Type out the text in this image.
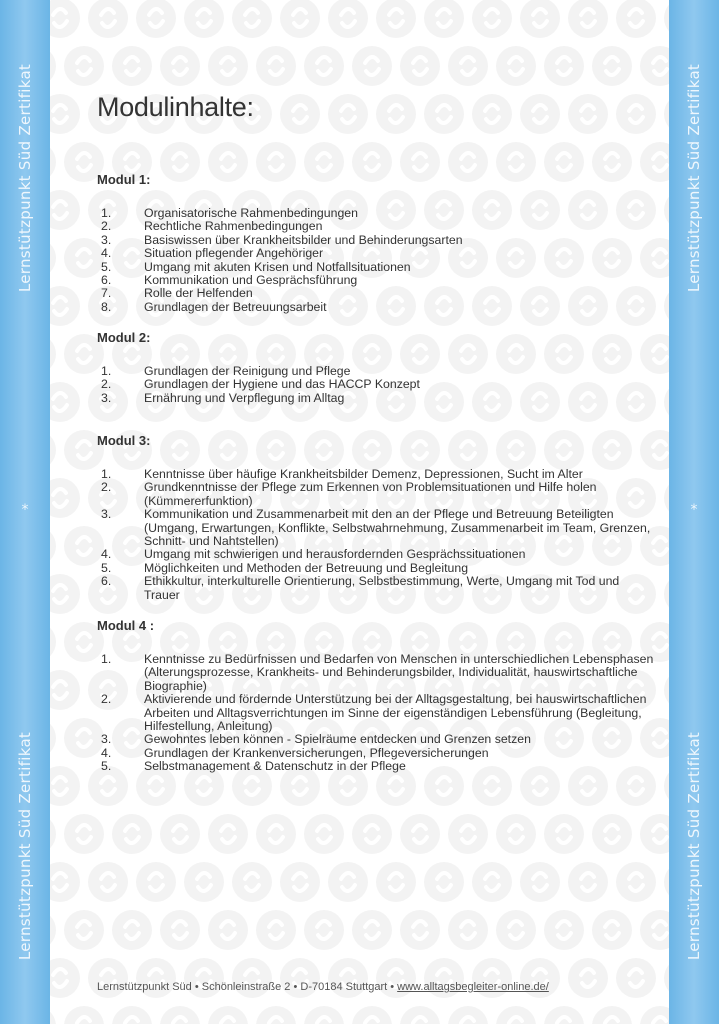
Lernstützpunkt Süd Zertifikat
*
Lernstützpunkt Süd Zertifikat
Lernstützpunkt Süd Zertifikat
*
Lernstützpunkt Süd Zertifikat
Modulinhalte:
Modul 1:
1.	Organisatorische Rahmenbedingungen
2.	Rechtliche Rahmenbedingungen
3.	Basiswissen über Krankheitsbilder und Behinderungsarten
4.	Situation pflegender Angehöriger
5.	Umgang mit akuten Krisen und Notfallsituationen
6.	Kommunikation und Gesprächsführung
7.	Rolle der Helfenden
8.	Grundlagen der Betreuungsarbeit
Modul 2:
1.	Grundlagen der Reinigung und Pflege
2.	Grundlagen der Hygiene und das HACCP Konzept
3.	Ernährung und Verpflegung im Alltag
Modul 3:
1.	Kenntnisse über häufige Krankheitsbilder Demenz, Depressionen, Sucht im Alter
2.	Grundkenntnisse der Pflege zum Erkennen von Problemsituationen und Hilfe holen (Kümmererfunktion)
3.	Kommunikation und Zusammenarbeit mit den an der Pflege und Betreuung Beteiligten (Umgang, Erwartungen, Konflikte, Selbstwahrnehmung, Zusammenarbeit im Team, Grenzen, Schnitt- und Nahtstellen)
4.	Umgang mit schwierigen und herausfordernden Gesprächssituationen
5.	Möglichkeiten und Methoden der Betreuung und Begleitung
6.	Ethikkultur, interkulturelle Orientierung, Selbstbestimmung, Werte, Umgang mit Tod und Trauer
Modul 4 :
1.	Kenntnisse zu Bedürfnissen und Bedarfen von Menschen in unterschiedlichen Lebensphasen (Alterungsprozesse, Krankheits- und Behinderungsbilder, Individualität, hauswirtschaftliche Biographie)
2.	Aktivierende und fördernde Unterstützung bei der Alltagsgestaltung, bei hauswirtschaftlichen Arbeiten und Alltagsverrichtungen im Sinne der eigenständigen Lebensführung (Begleitung, Hilfestellung, Anleitung)
3.	Gewohntes leben können - Spielräume entdecken und Grenzen setzen
4.	Grundlagen der Krankenversicherungen, Pflegeversicherungen
5.	Selbstmanagement & Datenschutz in der Pflege
Lernstützpunkt Süd • Schönleinstraße 2 • D-70184 Stuttgart • www.alltagsbegleiter-online.de/
